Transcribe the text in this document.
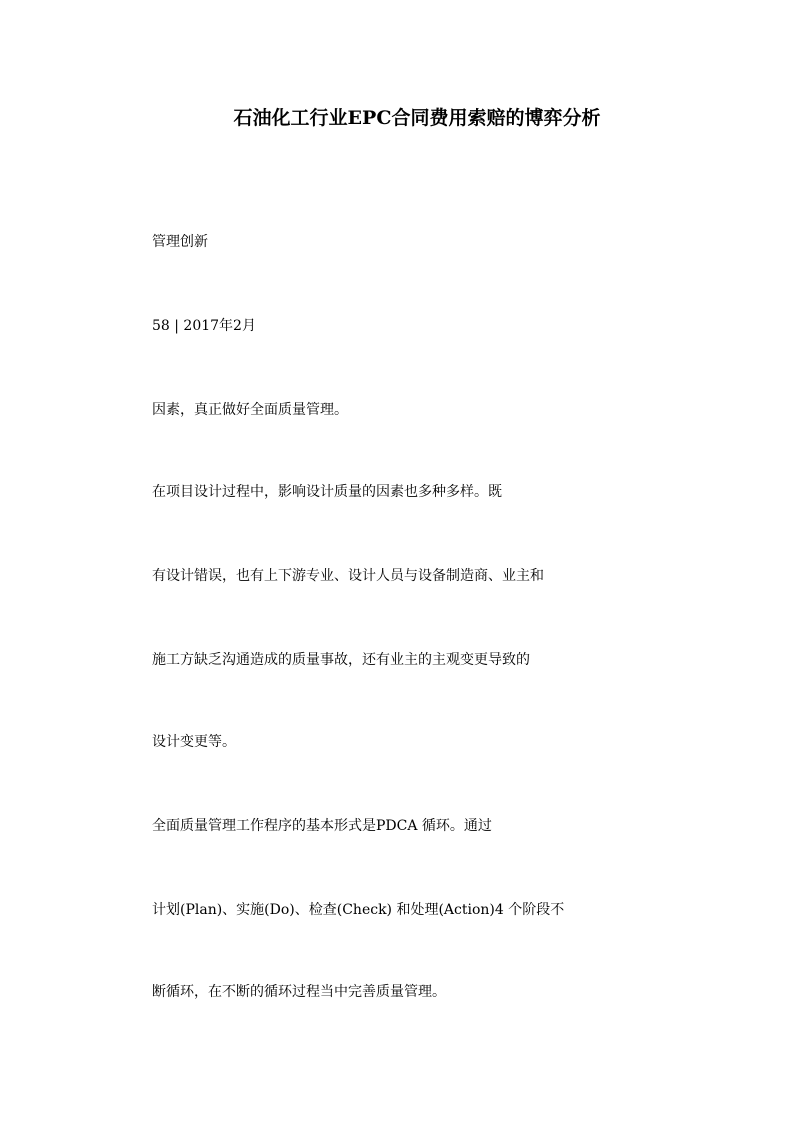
石油化工行业EPC合同费用索赔的博弈分析
管理创新
58 | 2017年2月
因素，真正做好全面质量管理。
在项目设计过程中，影响设计质量的因素也多种多样。既
有设计错误，也有上下游专业、设计人员与设备制造商、业主和
施工方缺乏沟通造成的质量事故，还有业主的主观变更导致的
设计变更等。
全面质量管理工作程序的基本形式是PDCA 循环。通过
计划(Plan)、实施(Do)、检查(Check) 和处理(Action)4 个阶段不
断循环，在不断的循环过程当中完善质量管理。
